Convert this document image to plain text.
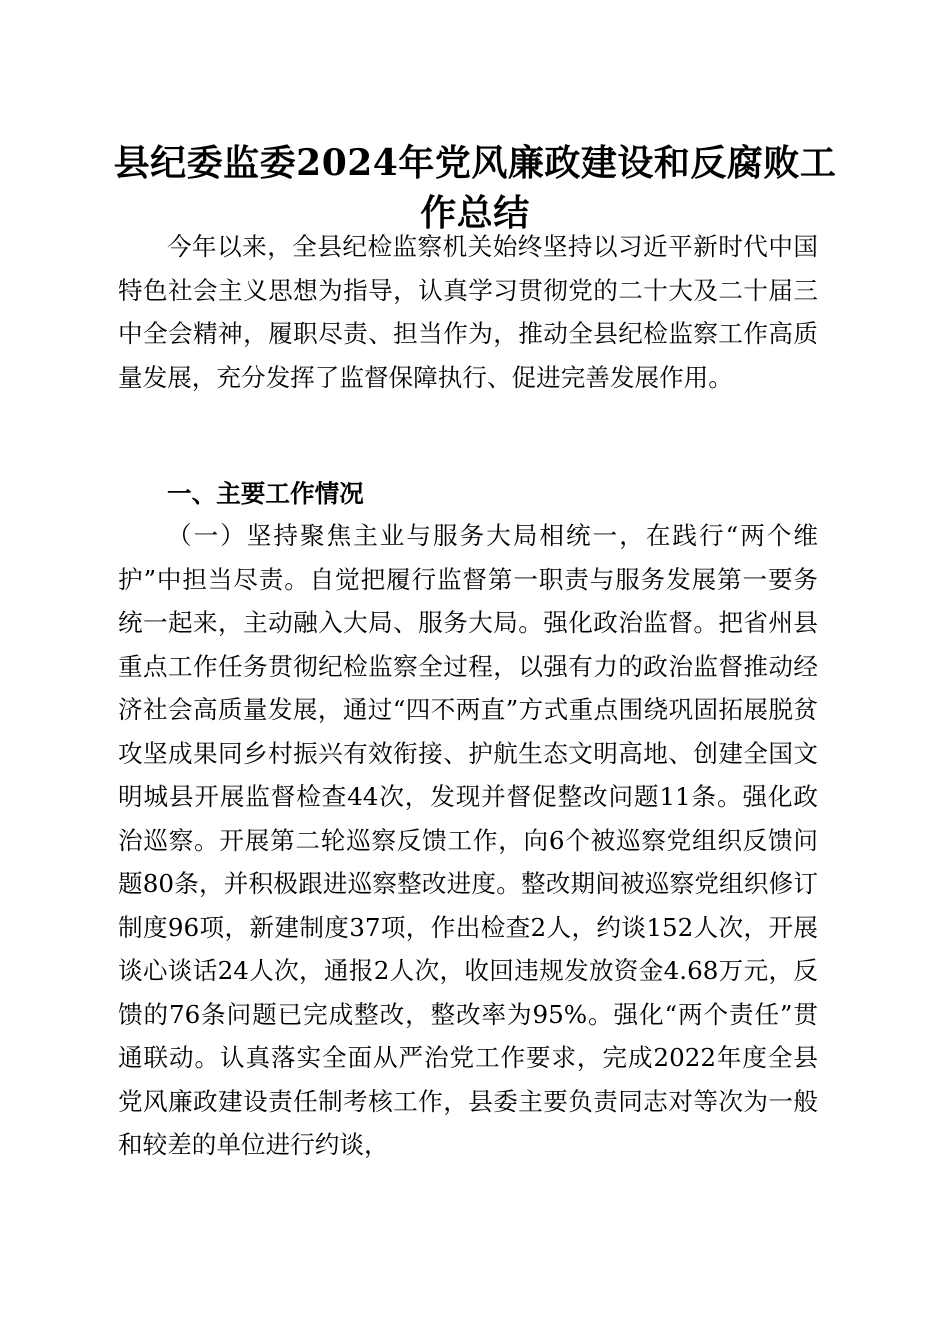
县纪委监委2024年党风廉政建设和反腐败工作总结

今年以来，全县纪检监察机关始终坚持以习近平新时代中国特色社会主义思想为指导，认真学习贯彻党的二十大及二十届三中全会精神，履职尽责、担当作为，推动全县纪检监察工作高质量发展，充分发挥了监督保障执行、促进完善发展作用。

一、主要工作情况

（一）坚持聚焦主业与服务大局相统一，在践行“两个维护”中担当尽责。自觉把履行监督第一职责与服务发展第一要务统一起来，主动融入大局、服务大局。强化政治监督。把省州县重点工作任务贯彻纪检监察全过程，以强有力的政治监督推动经济社会高质量发展，通过“四不两直”方式重点围绕巩固拓展脱贫攻坚成果同乡村振兴有效衔接、护航生态文明高地、创建全国文明城县开展监督检查44次，发现并督促整改问题11条。强化政治巡察。开展第二轮巡察反馈工作，向6个被巡察党组织反馈问题80条，并积极跟进巡察整改进度。整改期间被巡察党组织修订制度96项，新建制度37项，作出检查2人，约谈152人次，开展谈心谈话24人次，通报2人次，收回违规发放资金4.68万元，反馈的76条问题已完成整改，整改率为95%。强化“两个责任”贯通联动。认真落实全面从严治党工作要求，完成2022年度全县党风廉政建设责任制考核工作，县委主要负责同志对等次为一般和较差的单位进行约谈，
